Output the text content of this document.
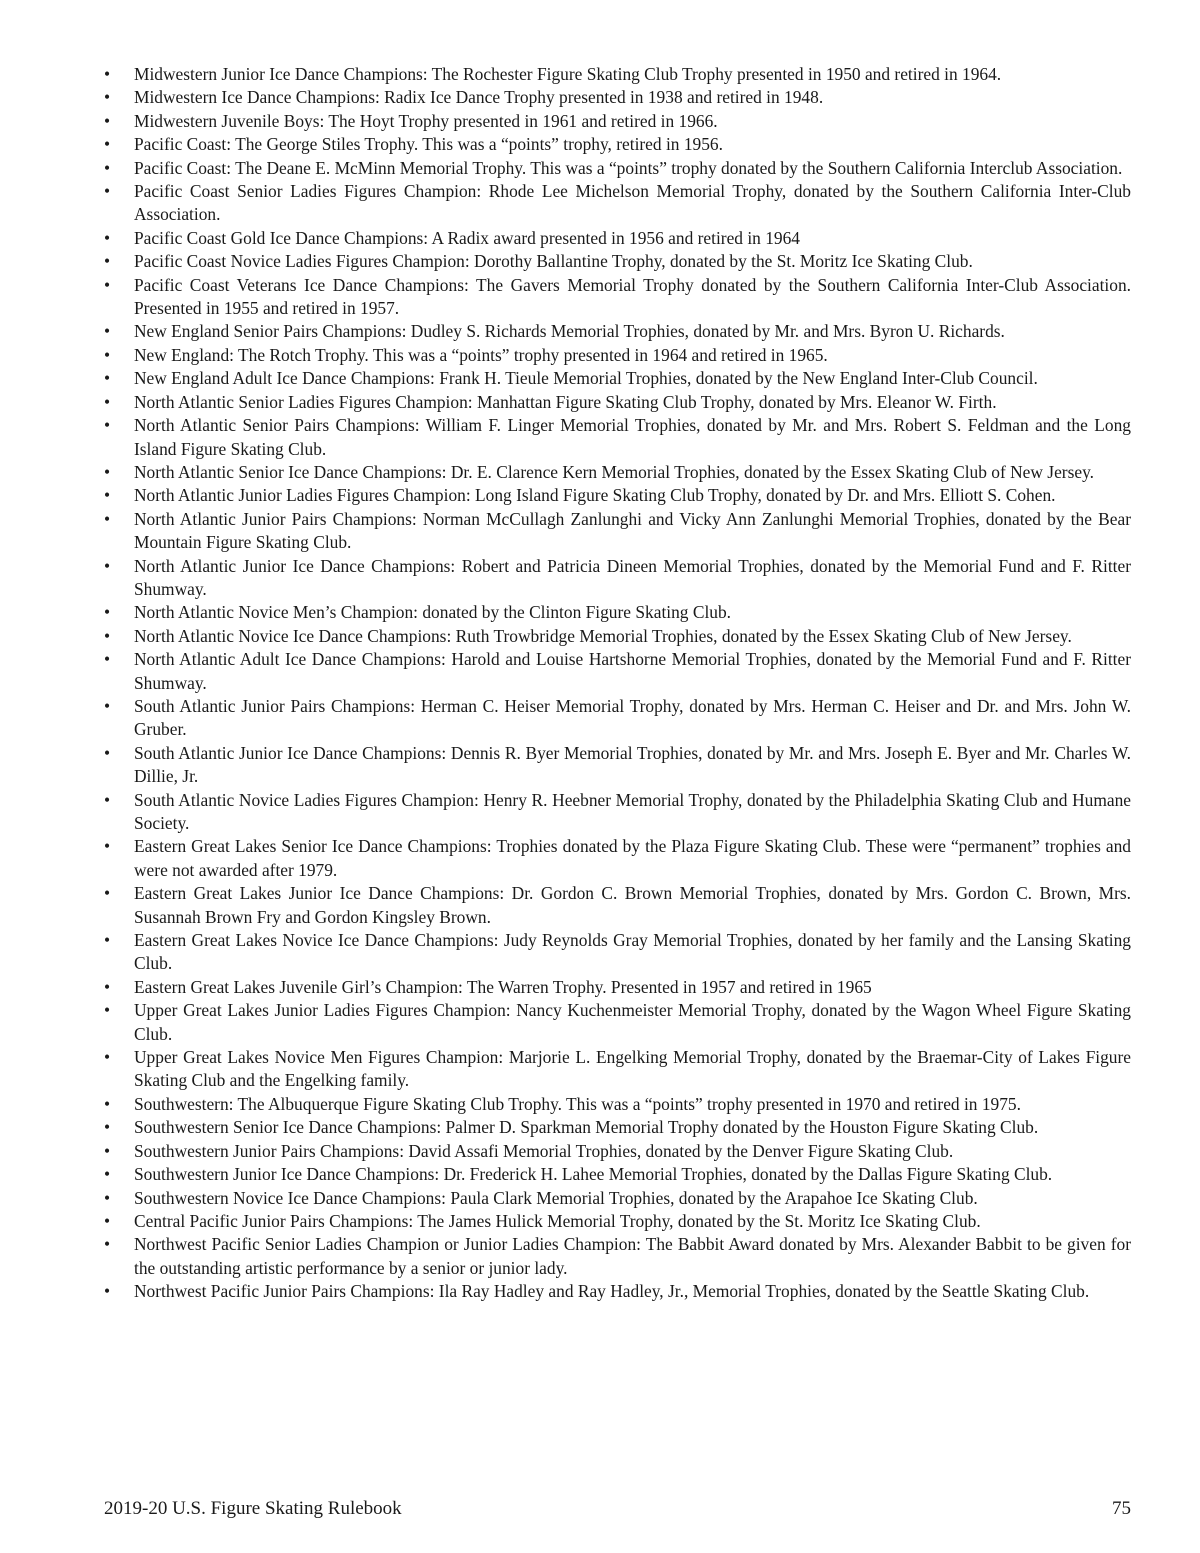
• Midwestern Junior Ice Dance Champions: The Rochester Figure Skating Club Trophy presented in 1950 and retired in 1964.
• Midwestern Ice Dance Champions: Radix Ice Dance Trophy presented in 1938 and retired in 1948.
• Midwestern Juvenile Boys: The Hoyt Trophy presented in 1961 and retired in 1966.
• Pacific Coast: The George Stiles Trophy. This was a “points” trophy, retired in 1956.
• Pacific Coast: The Deane E. McMinn Memorial Trophy. This was a “points” trophy donated by the Southern California Interclub Association.
• Pacific Coast Senior Ladies Figures Champion: Rhode Lee Michelson Memorial Trophy, donated by the Southern California Inter-Club Association.
• Pacific Coast Gold Ice Dance Champions: A Radix award presented in 1956 and retired in 1964
• Pacific Coast Novice Ladies Figures Champion: Dorothy Ballantine Trophy, donated by the St. Moritz Ice Skating Club.
• Pacific Coast Veterans Ice Dance Champions: The Gavers Memorial Trophy donated by the Southern California Inter-Club Association. Presented in 1955 and retired in 1957.
• New England Senior Pairs Champions: Dudley S. Richards Memorial Trophies, donated by Mr. and Mrs. Byron U. Richards.
• New England: The Rotch Trophy. This was a “points” trophy presented in 1964 and retired in 1965.
• New England Adult Ice Dance Champions: Frank H. Tieule Memorial Trophies, donated by the New England Inter-Club Council.
• North Atlantic Senior Ladies Figures Champion: Manhattan Figure Skating Club Trophy, donated by Mrs. Eleanor W. Firth.
• North Atlantic Senior Pairs Champions: William F. Linger Memorial Trophies, donated by Mr. and Mrs. Robert S. Feldman and the Long Island Figure Skating Club.
• North Atlantic Senior Ice Dance Champions: Dr. E. Clarence Kern Memorial Trophies, donated by the Essex Skating Club of New Jersey.
• North Atlantic Junior Ladies Figures Champion: Long Island Figure Skating Club Trophy, donated by Dr. and Mrs. Elliott S. Cohen.
• North Atlantic Junior Pairs Champions: Norman McCullagh Zanlunghi and Vicky Ann Zanlunghi Memorial Trophies, donated by the Bear Mountain Figure Skating Club.
• North Atlantic Junior Ice Dance Champions: Robert and Patricia Dineen Memorial Trophies, donated by the Memorial Fund and F. Ritter Shumway.
• North Atlantic Novice Men’s Champion: donated by the Clinton Figure Skating Club.
• North Atlantic Novice Ice Dance Champions: Ruth Trowbridge Memorial Trophies, donated by the Essex Skating Club of New Jersey.
• North Atlantic Adult Ice Dance Champions: Harold and Louise Hartshorne Memorial Trophies, donated by the Memorial Fund and F. Ritter Shumway.
• South Atlantic Junior Pairs Champions: Herman C. Heiser Memorial Trophy, donated by Mrs. Herman C. Heiser and Dr. and Mrs. John W. Gruber.
• South Atlantic Junior Ice Dance Champions: Dennis R. Byer Memorial Trophies, donated by Mr. and Mrs. Joseph E. Byer and Mr. Charles W. Dillie, Jr.
• South Atlantic Novice Ladies Figures Champion: Henry R. Heebner Memorial Trophy, donated by the Philadelphia Skating Club and Humane Society.
• Eastern Great Lakes Senior Ice Dance Champions: Trophies donated by the Plaza Figure Skating Club. These were “permanent” trophies and were not awarded after 1979.
• Eastern Great Lakes Junior Ice Dance Champions: Dr. Gordon C. Brown Memorial Trophies, donated by Mrs. Gordon C. Brown, Mrs. Susannah Brown Fry and Gordon Kingsley Brown.
• Eastern Great Lakes Novice Ice Dance Champions: Judy Reynolds Gray Memorial Trophies, donated by her family and the Lansing Skating Club.
• Eastern Great Lakes Juvenile Girl’s Champion: The Warren Trophy. Presented in 1957 and retired in 1965
• Upper Great Lakes Junior Ladies Figures Champion: Nancy Kuchenmeister Memorial Trophy, donated by the Wagon Wheel Figure Skating Club.
• Upper Great Lakes Novice Men Figures Champion: Marjorie L. Engelking Memorial Trophy, donated by the Braemar-City of Lakes Figure Skating Club and the Engelking family.
• Southwestern: The Albuquerque Figure Skating Club Trophy. This was a “points” trophy presented in 1970 and retired in 1975.
• Southwestern Senior Ice Dance Champions: Palmer D. Sparkman Memorial Trophy donated by the Houston Figure Skating Club.
• Southwestern Junior Pairs Champions: David Assafi Memorial Trophies, donated by the Denver Figure Skating Club.
• Southwestern Junior Ice Dance Champions: Dr. Frederick H. Lahee Memorial Trophies, donated by the Dallas Figure Skating Club.
• Southwestern Novice Ice Dance Champions: Paula Clark Memorial Trophies, donated by the Arapahoe Ice Skating Club.
• Central Pacific Junior Pairs Champions: The James Hulick Memorial Trophy, donated by the St. Moritz Ice Skating Club.
• Northwest Pacific Senior Ladies Champion or Junior Ladies Champion: The Babbit Award donated by Mrs. Alexander Babbit to be given for the outstanding artistic performance by a senior or junior lady.
• Northwest Pacific Junior Pairs Champions: Ila Ray Hadley and Ray Hadley, Jr., Memorial Trophies, donated by the Seattle Skating Club.
2019-20 U.S. Figure Skating Rulebook	75
